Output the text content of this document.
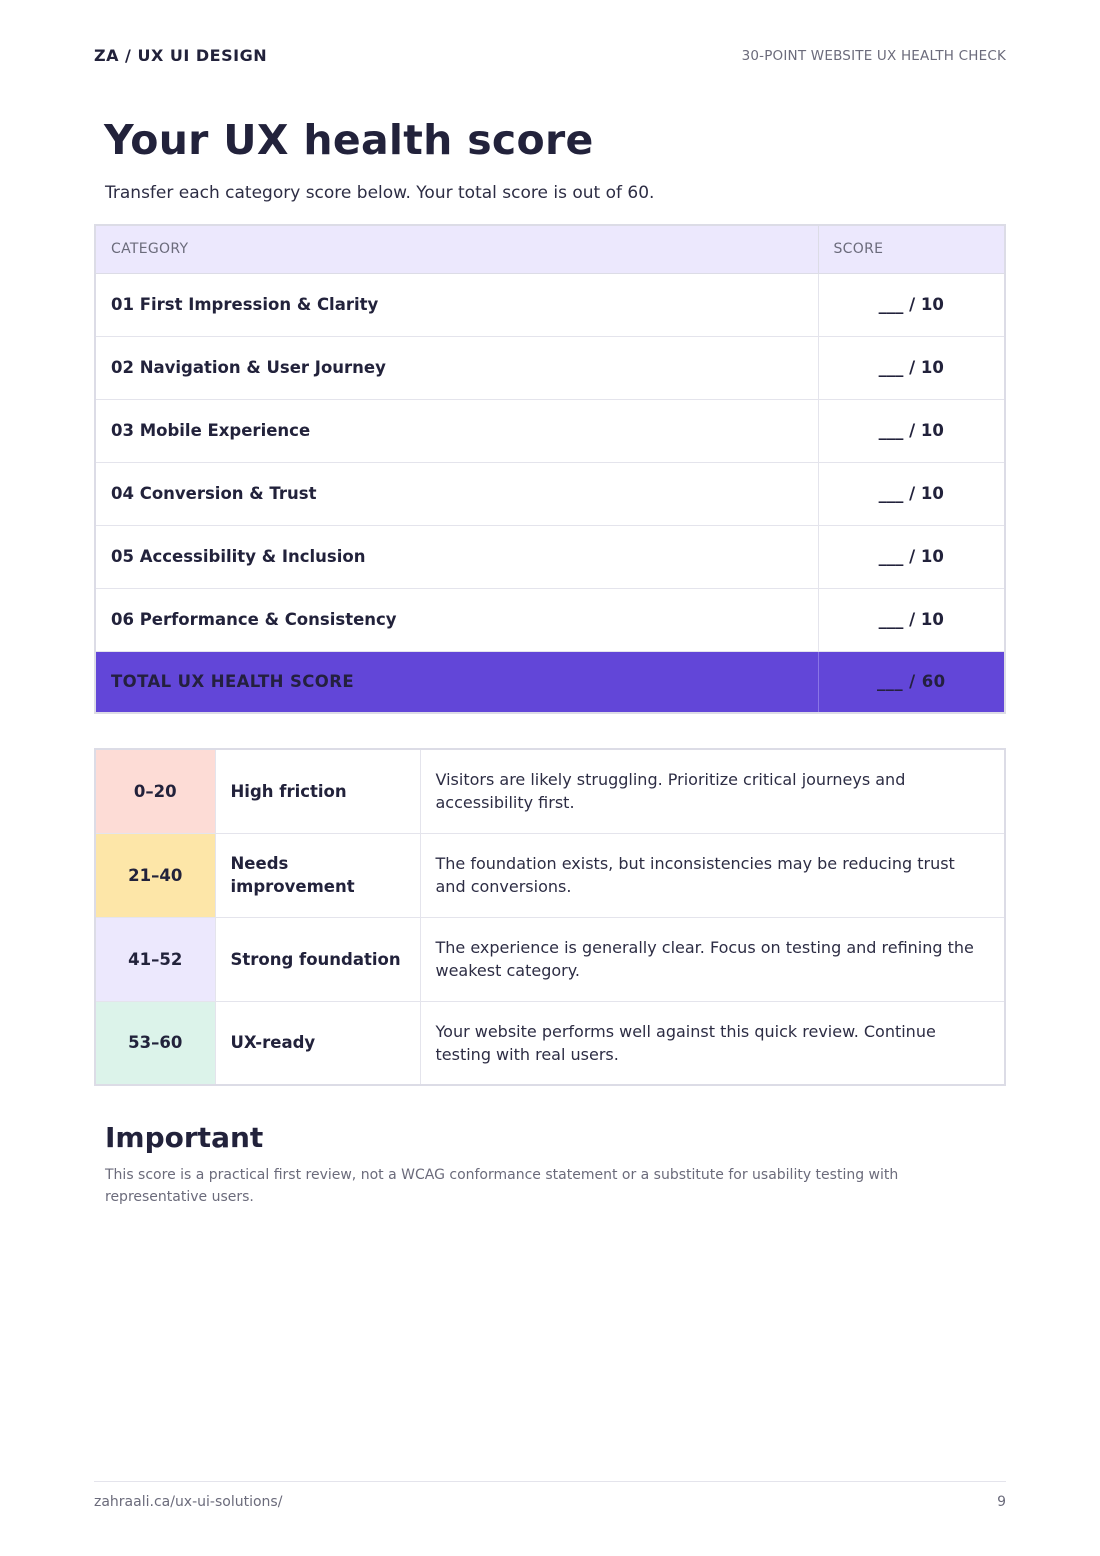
ZA / UX UI DESIGN	30-POINT WEBSITE UX HEALTH CHECK
Your UX health score

Transfer each category score below. Your total score is out of 60.

CATEGORY	SCORE
01 First Impression & Clarity	___ / 10
02 Navigation & User Journey	___ / 10
03 Mobile Experience	___ / 10
04 Conversion & Trust	___ / 10
05 Accessibility & Inclusion	___ / 10
06 Performance & Consistency	___ / 10
TOTAL UX HEALTH SCORE	___ / 60
0–20	High friction	Visitors are likely struggling. Prioritize critical journeys and accessibility first.
21–40	Needs improvement	The foundation exists, but inconsistencies may be reducing trust and conversions.
41–52	Strong foundation	The experience is generally clear. Focus on testing and refining the weakest category.
53–60	UX-ready	Your website performs well against this quick review. Continue testing with real users.
Important

This score is a practical first review, not a WCAG conformance statement or a substitute for usability testing with representative users.

zahraali.ca/ux-ui-solutions/	9
